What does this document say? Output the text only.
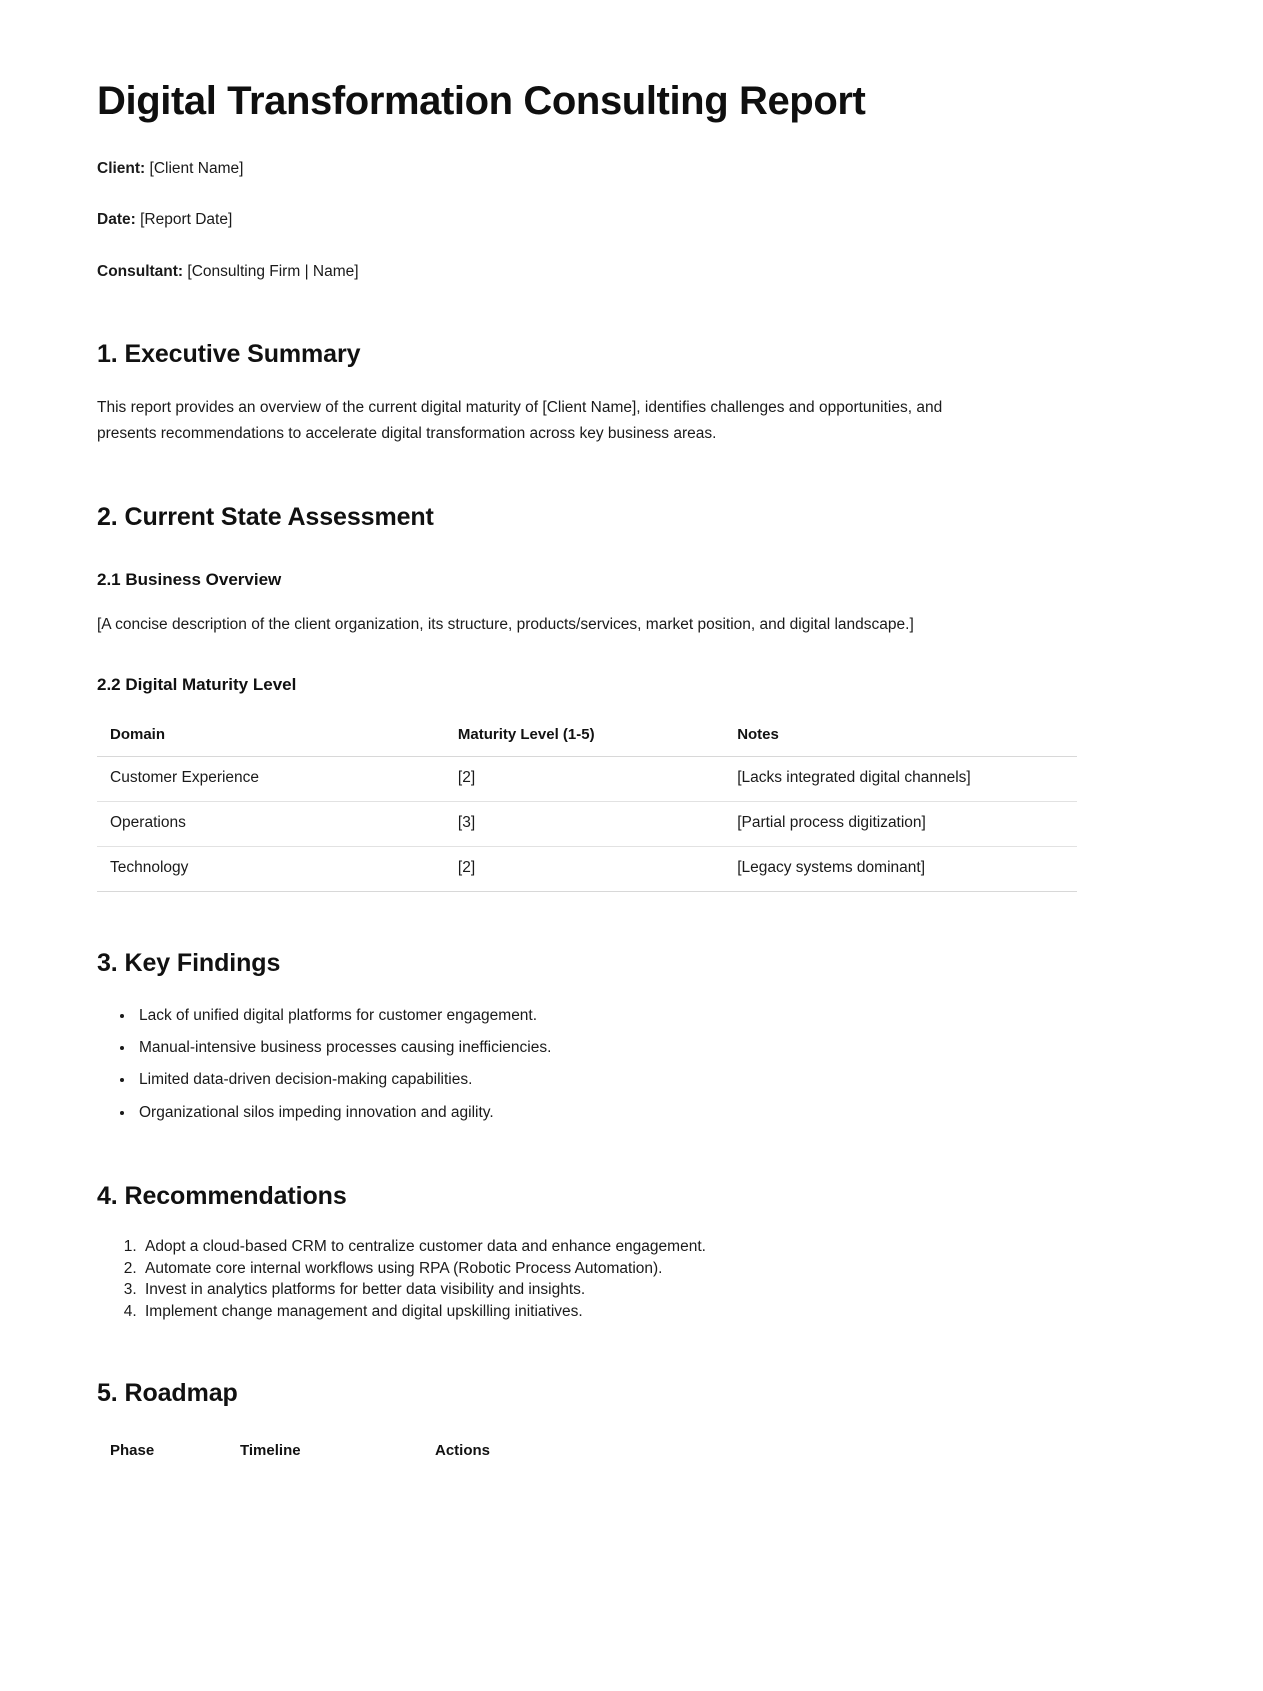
Digital Transformation Consulting Report

Client: [Client Name]

Date: [Report Date]

Consultant: [Consulting Firm | Name]

1. Executive Summary

This report provides an overview of the current digital maturity of [Client Name], identifies challenges and opportunities, and presents recommendations to accelerate digital transformation across key business areas.

2. Current State Assessment
2.1 Business Overview

[A concise description of the client organization, its structure, products/services, market position, and digital landscape.]

2.2 Digital Maturity Level
Domain	Maturity Level (1-5)	Notes
Customer Experience	[2]	[Lacks integrated digital channels]
Operations	[3]	[Partial process digitization]
Technology	[2]	[Legacy systems dominant]
3. Key Findings
• Lack of unified digital platforms for customer engagement.
• Manual-intensive business processes causing inefficiencies.
• Limited data-driven decision-making capabilities.
• Organizational silos impeding innovation and agility.
4. Recommendations
1. Adopt a cloud-based CRM to centralize customer data and enhance engagement.
2. Automate core internal workflows using RPA (Robotic Process Automation).
3. Invest in analytics platforms for better data visibility and insights.
4. Implement change management and digital upskilling initiatives.
5. Roadmap
Phase	Timeline	Actions
